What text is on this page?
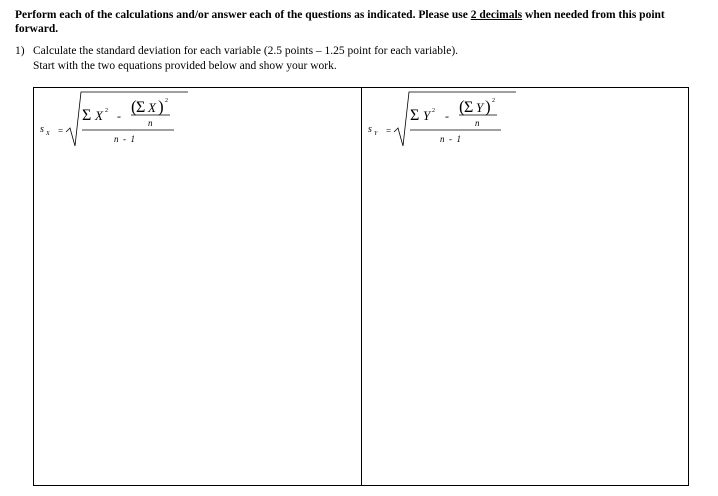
Perform each of the calculations and/or answer each of the questions as indicated. Please use 2 decimals when needed from this point forward.
1) Calculate the standard deviation for each variable (2.5 points – 1.25 point for each variable).
Start with the two equations provided below and show your work.
s X =
Σ X 2 - ( Σ X ) 2
n
n  -  1
s Y =
Σ Y 2 - ( Σ Y ) 2
n
n  -  1
